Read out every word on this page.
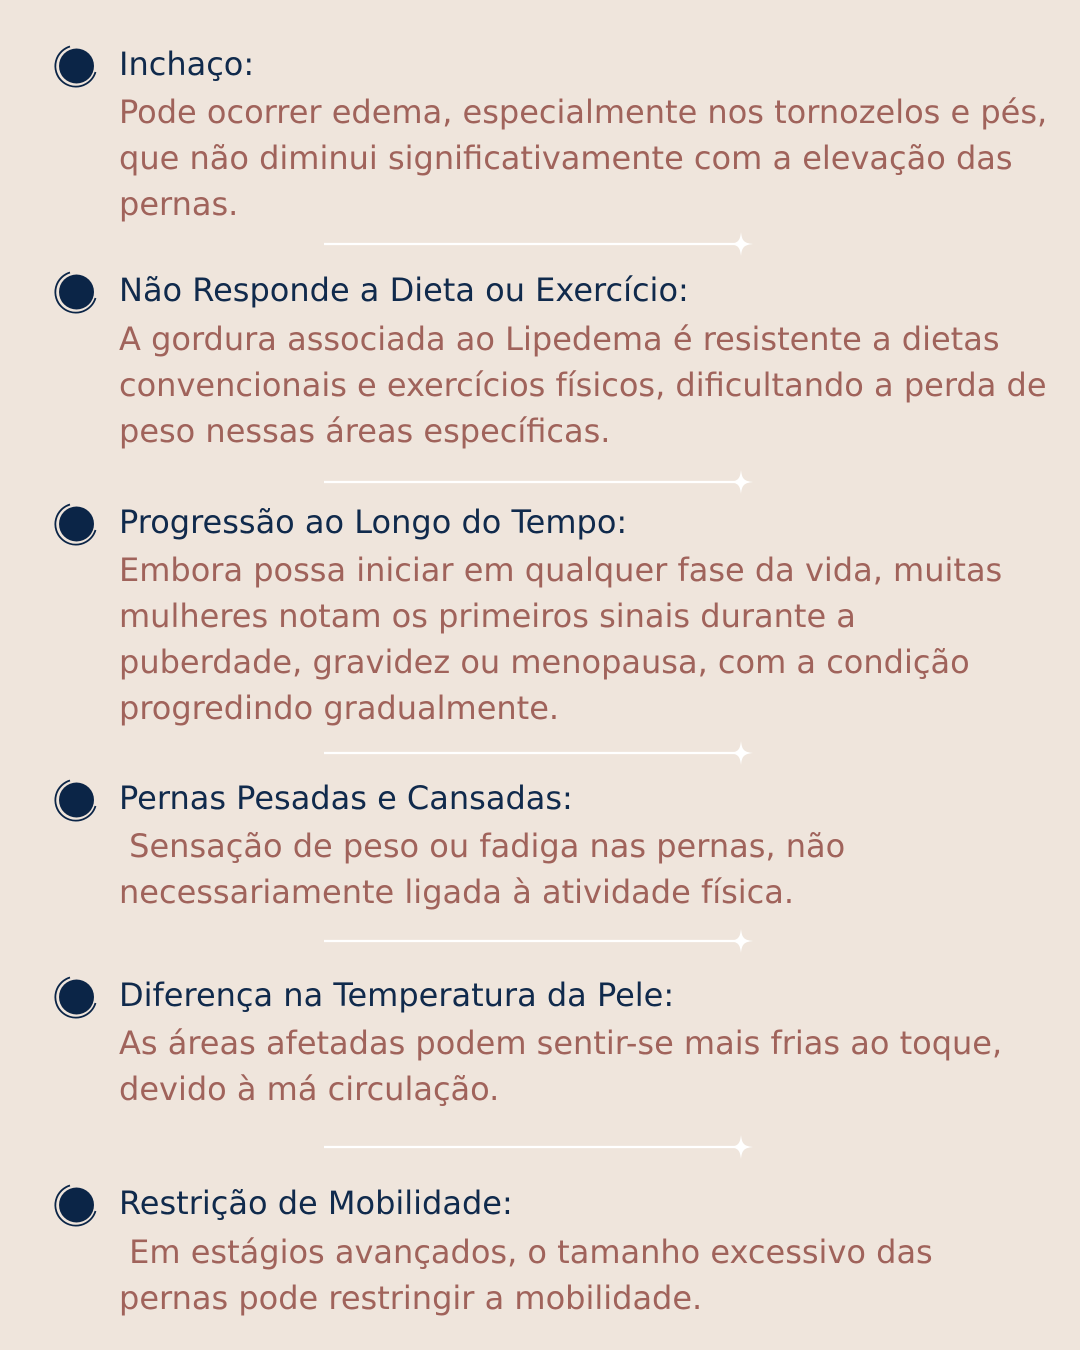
Inchaço:

Pode ocorrer edema, especialmente nos tornozelos e pés, que não diminui significativamente com a elevação das pernas.

Não Responde a Dieta ou Exercício:

A gordura associada ao Lipedema é resistente a dietas convencionais e exercícios físicos, dificultando a perda de peso nessas áreas específicas.

Progressão ao Longo do Tempo:

Embora possa iniciar em qualquer fase da vida, muitas mulheres notam os primeiros sinais durante a puberdade, gravidez ou menopausa, com a condição progredindo gradualmente.

Pernas Pesadas e Cansadas:

Sensação de peso ou fadiga nas pernas, não necessariamente ligada à atividade física.

Diferença na Temperatura da Pele:

As áreas afetadas podem sentir-se mais frias ao toque, devido à má circulação.

Restrição de Mobilidade:

Em estágios avançados, o tamanho excessivo das pernas pode restringir a mobilidade.
